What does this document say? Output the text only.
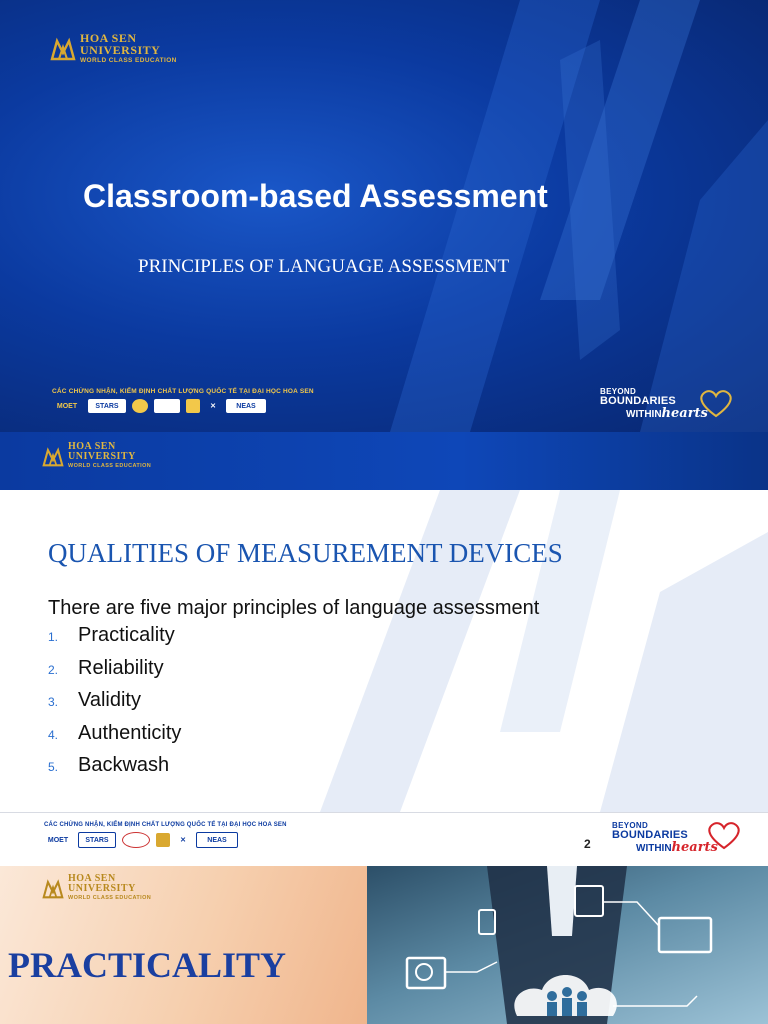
HOA SEN
UNIVERSITY
WORLD CLASS EDUCATION
Classroom-based Assessment
PRINCIPLES OF LANGUAGE ASSESSMENT
CÁC CHỨNG NHẬN, KIỂM ĐỊNH CHẤT LƯỢNG QUỐC TẾ TẠI ĐẠI HỌC HOA SEN
MOET	STARS	✕	NEAS
BEYOND
BOUNDARIES
WITHIN hearts
HOA SEN
UNIVERSITY
WORLD CLASS EDUCATION
QUALITIES OF MEASUREMENT DEVICES
There are five major principles of language assessment
1. Practicality
2. Reliability
3. Validity
4. Authenticity
5. Backwash
CÁC CHỨNG NHẬN, KIỂM ĐỊNH CHẤT LƯỢNG QUỐC TẾ TẠI ĐẠI HỌC HOA SEN
MOET	STARS	✕	NEAS	2
BEYOND
BOUNDARIES
WITHIN hearts
HOA SEN
UNIVERSITY
WORLD CLASS EDUCATION
PRACTICALITY
